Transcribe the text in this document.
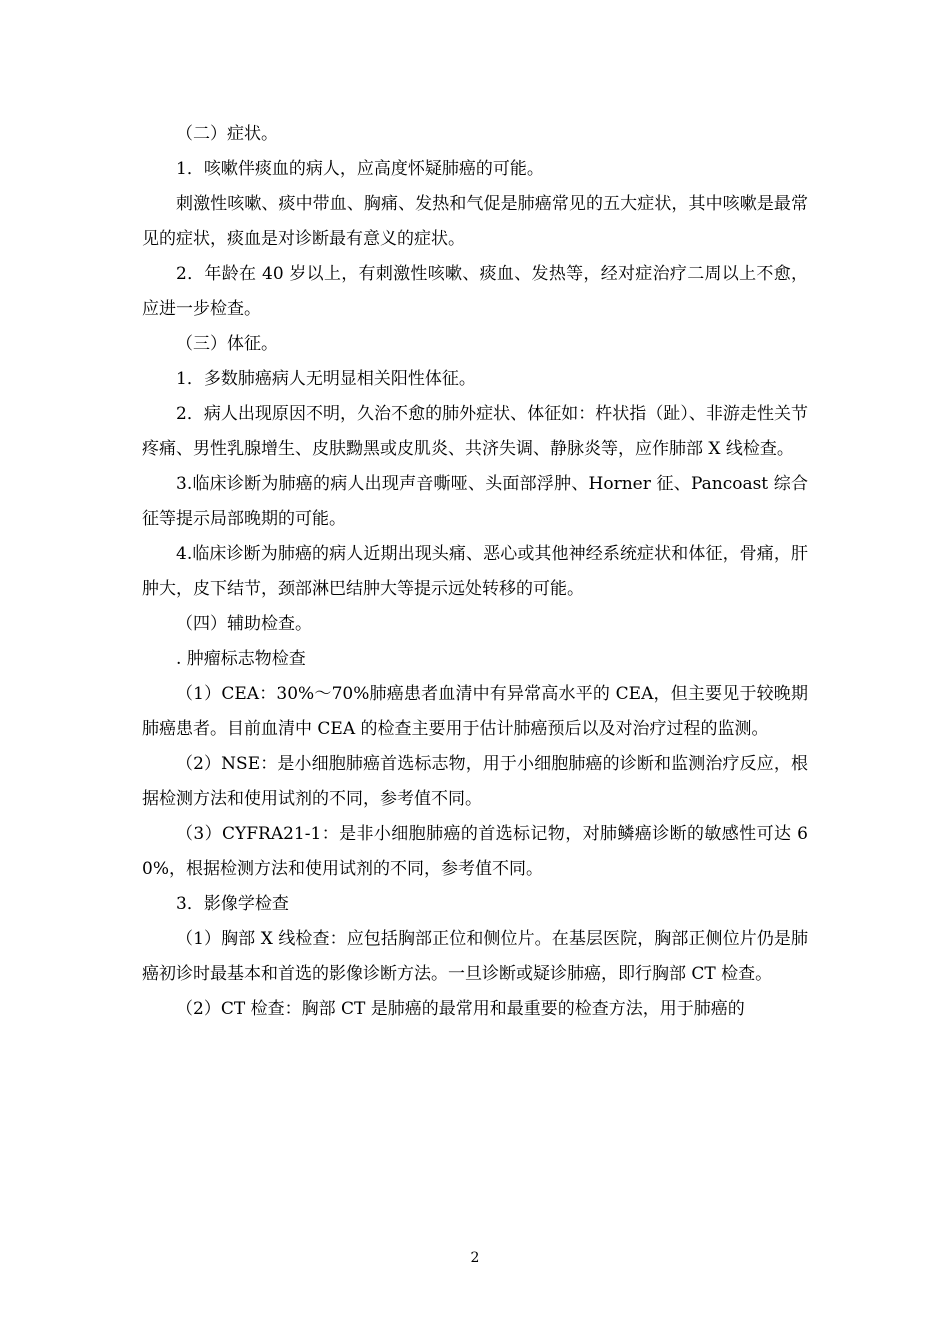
（二）症状。

1．咳嗽伴痰血的病人，应高度怀疑肺癌的可能。

刺激性咳嗽、痰中带血、胸痛、发热和气促是肺癌常见的五大症状，其中咳嗽是最常见的症状，痰血是对诊断最有意义的症状。

2．年龄在 40 岁以上，有刺激性咳嗽、痰血、发热等，经对症治疗二周以上不愈，应进一步检查。

（三）体征。

1．多数肺癌病人无明显相关阳性体征。

2．病人出现原因不明，久治不愈的肺外症状、体征如：杵状指（趾）、非游走性关节疼痛、男性乳腺增生、皮肤黝黑或皮肌炎、共济失调、静脉炎等，应作肺部 X 线检查。

3.临床诊断为肺癌的病人出现声音嘶哑、头面部浮肿、Horner 征、Pancoast 综合征等提示局部晚期的可能。

4.临床诊断为肺癌的病人近期出现头痛、恶心或其他神经系统症状和体征，骨痛，肝肿大，皮下结节，颈部淋巴结肿大等提示远处转移的可能。

（四）辅助检查。

. 肿瘤标志物检查

（1）CEA：30%～70%肺癌患者血清中有异常高水平的 CEA，但主要见于较晚期肺癌患者。目前血清中 CEA 的检查主要用于估计肺癌预后以及对治疗过程的监测。

（2）NSE：是小细胞肺癌首选标志物，用于小细胞肺癌的诊断和监测治疗反应，根据检测方法和使用试剂的不同，参考值不同。

（3）CYFRA21-1：是非小细胞肺癌的首选标记物，对肺鳞癌诊断的敏感性可达 60%，根据检测方法和使用试剂的不同，参考值不同。

3．影像学检查

（1）胸部 X 线检查：应包括胸部正位和侧位片。在基层医院，胸部正侧位片仍是肺癌初诊时最基本和首选的影像诊断方法。一旦诊断或疑诊肺癌，即行胸部 CT 检查。

（2）CT 检查：胸部 CT 是肺癌的最常用和最重要的检查方法，用于肺癌的

2
